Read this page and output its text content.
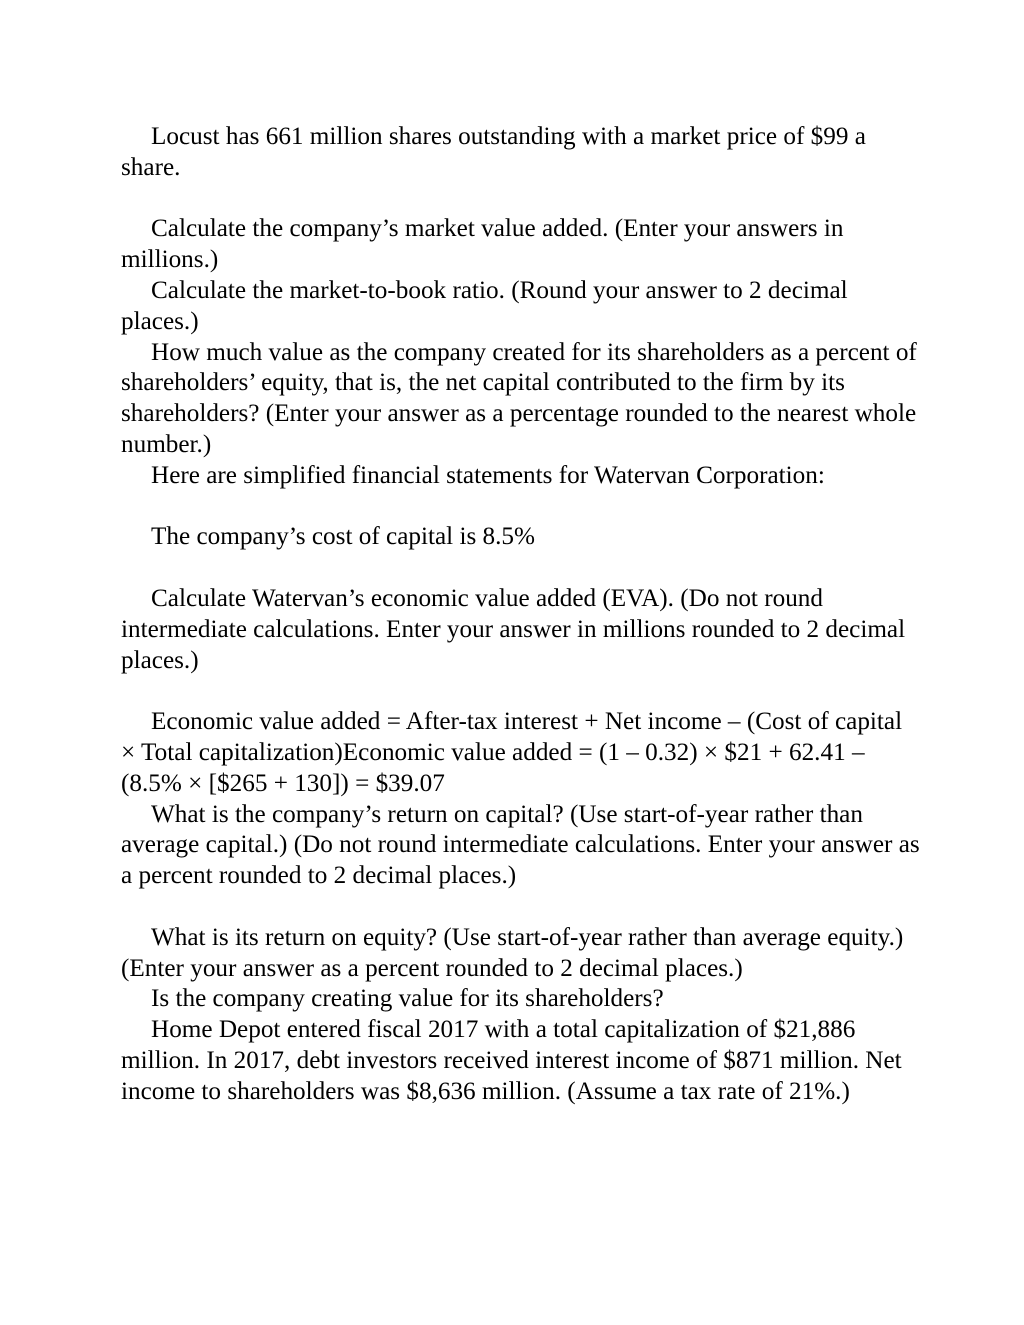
Locust has 661 million shares outstanding with a market price of $99 a share.

Calculate the company’s market value added. (Enter your answers in millions.)

Calculate the market-to-book ratio. (Round your answer to 2 decimal places.)

How much value as the company created for its shareholders as a percent of shareholders’ equity, that is, the net capital contributed to the firm by its shareholders? (Enter your answer as a percentage rounded to the nearest whole number.)

Here are simplified financial statements for Watervan Corporation:

The company’s cost of capital is 8.5%

Calculate Watervan’s economic value added (EVA). (Do not round intermediate calculations. Enter your answer in millions rounded to 2 decimal places.)

Economic value added = After-tax interest + Net income – (Cost of capital × Total capitalization)Economic value added = (1 – 0.32) × $21 + 62.41 – (8.5% × [$265 + 130]) = $39.07

What is the company’s return on capital? (Use start-of-year rather than average capital.) (Do not round intermediate calculations. Enter your answer as a percent rounded to 2 decimal places.)

What is its return on equity? (Use start-of-year rather than average equity.) (Enter your answer as a percent rounded to 2 decimal places.)

Is the company creating value for its shareholders?

Home Depot entered fiscal 2017 with a total capitalization of $21,886 million. In 2017, debt investors received interest income of $871 million. Net income to shareholders was $8,636 million. (Assume a tax rate of 21%.)
